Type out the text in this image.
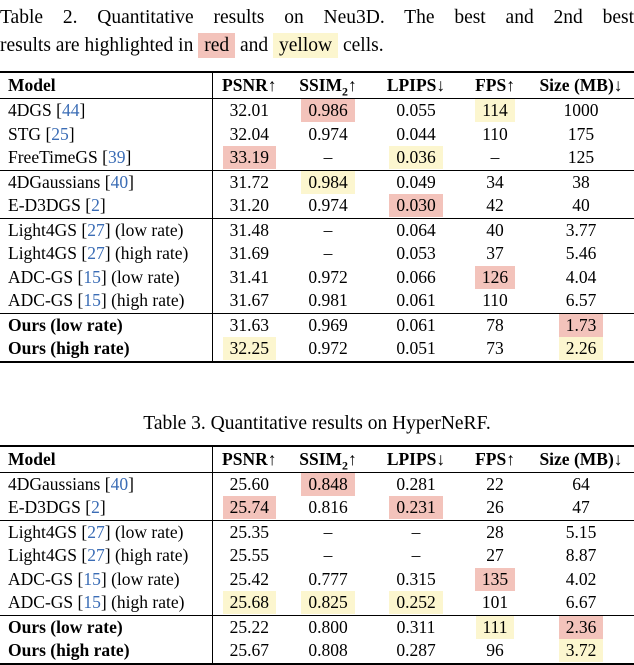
Table 2. Quantitative results on Neu3D. The best and 2nd best
results are highlighted in red and yellow cells.
Model	PSNR↑	$SSIM_2↑$	LPIPS↓	FPS↑	Size (MB)↓
4DGS [44]	32.01	0.986	0.055	114	1000
STG [25]	32.04	0.974	0.044	110	175
FreeTimeGS [39]	33.19	–	0.036	–	125
4DGaussians [40]	31.72	0.984	0.049	34	38
E-D3DGS [2]	31.20	0.974	0.030	42	40
Light4GS [27] (low rate)	31.48	–	0.064	40	3.77
Light4GS [27] (high rate)	31.69	–	0.053	37	5.46
ADC-GS [15] (low rate)	31.41	0.972	0.066	126	4.04
ADC-GS [15] (high rate)	31.67	0.981	0.061	110	6.57
Ours (low rate)	31.63	0.969	0.061	78	1.73
Ours (high rate)	32.25	0.972	0.051	73	2.26
Table 3. Quantitative results on HyperNeRF.
Model	PSNR↑	$SSIM_2↑$	LPIPS↓	FPS↑	Size (MB)↓
4DGaussians [40]	25.60	0.848	0.281	22	64
E-D3DGS [2]	25.74	0.816	0.231	26	47
Light4GS [27] (low rate)	25.35	–	–	28	5.15
Light4GS [27] (high rate)	25.55	–	–	27	8.87
ADC-GS [15] (low rate)	25.42	0.777	0.315	135	4.02
ADC-GS [15] (high rate)	25.68	0.825	0.252	101	6.67
Ours (low rate)	25.22	0.800	0.311	111	2.36
Ours (high rate)	25.67	0.808	0.287	96	3.72
